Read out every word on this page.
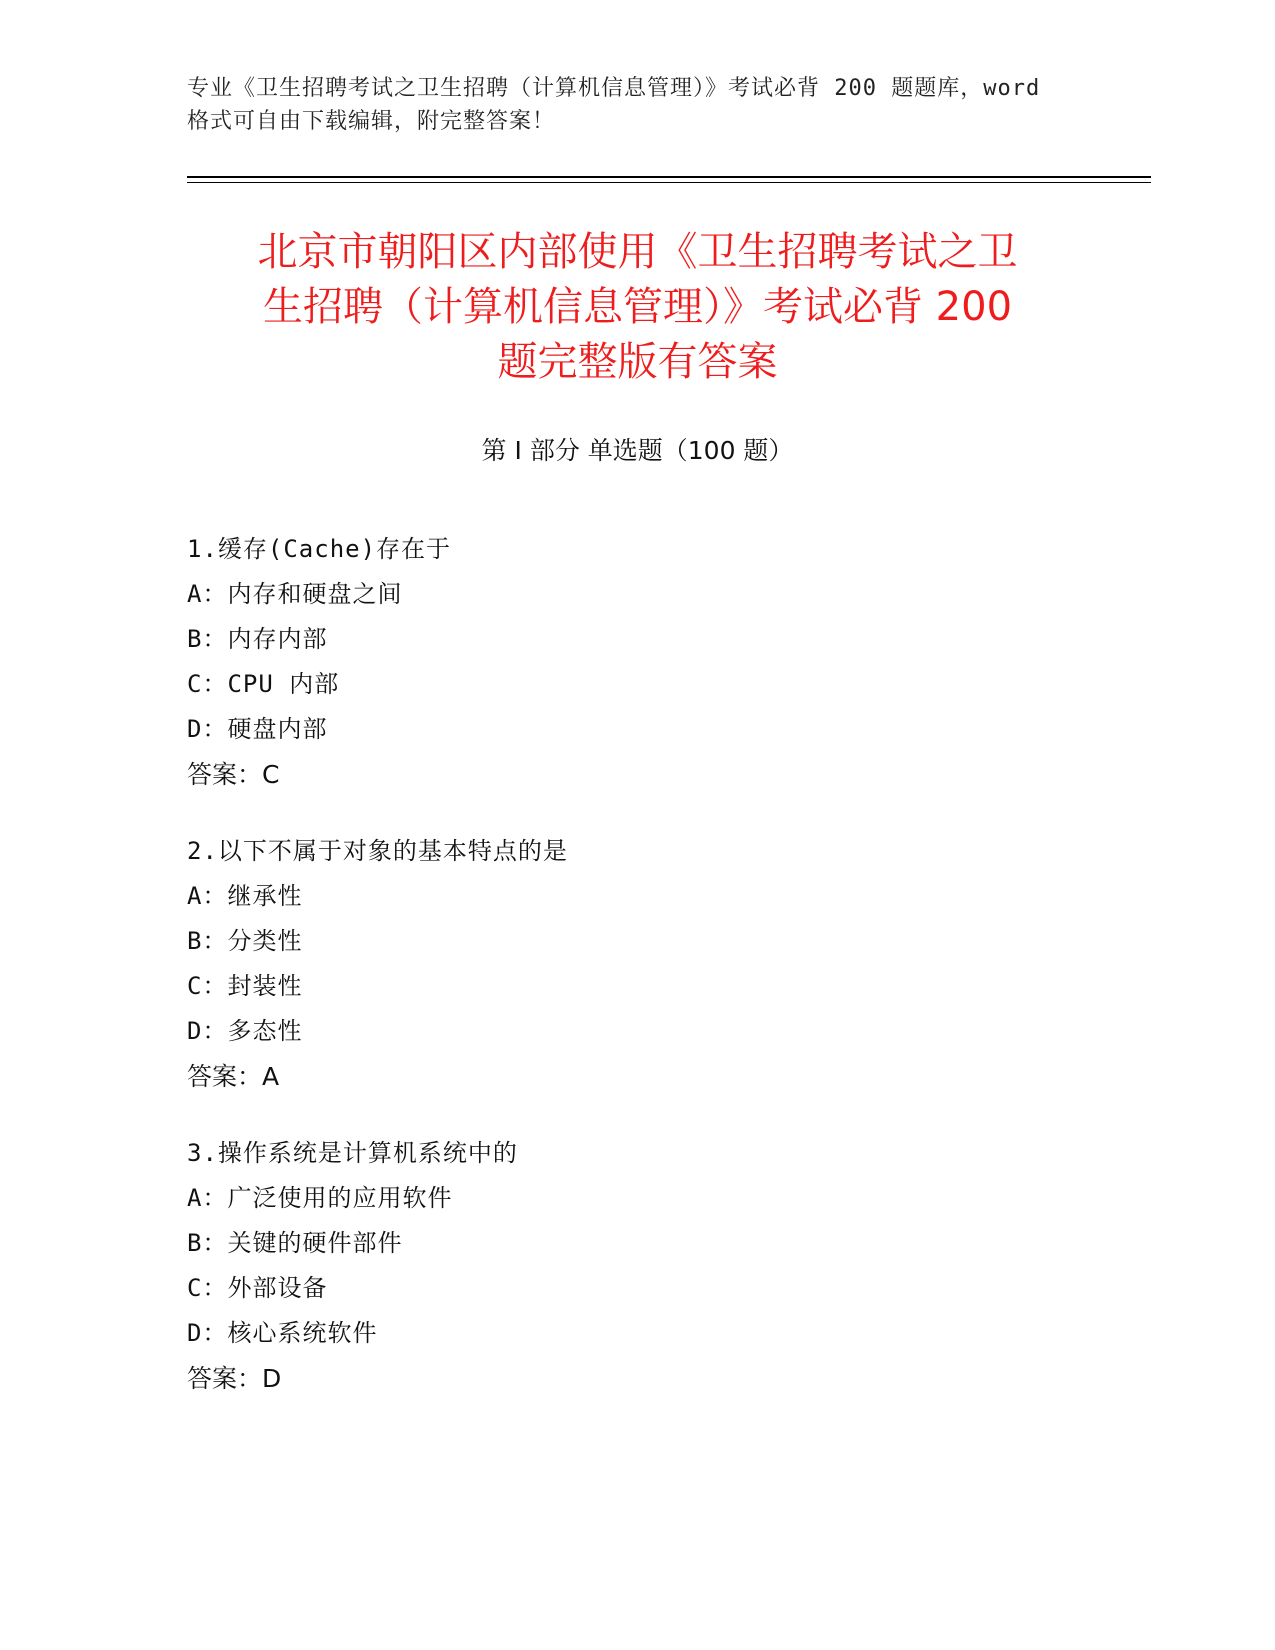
专业《卫生招聘考试之卫生招聘（计算机信息管理）》考试必背 200 题题库，word
格式可自由下载编辑，附完整答案！
北京市朝阳区内部使用《卫生招聘考试之卫
生招聘（计算机信息管理）》考试必背 200
题完整版有答案
第 I 部分 单选题（100 题）
1.缓存(Cache)存在于
A：内存和硬盘之间
B：内存内部
C：CPU 内部
D：硬盘内部
答案：C
2.以下不属于对象的基本特点的是
A：继承性
B：分类性
C：封装性
D：多态性
答案：A
3.操作系统是计算机系统中的
A：广泛使用的应用软件
B：关键的硬件部件
C：外部设备
D：核心系统软件
答案：D
